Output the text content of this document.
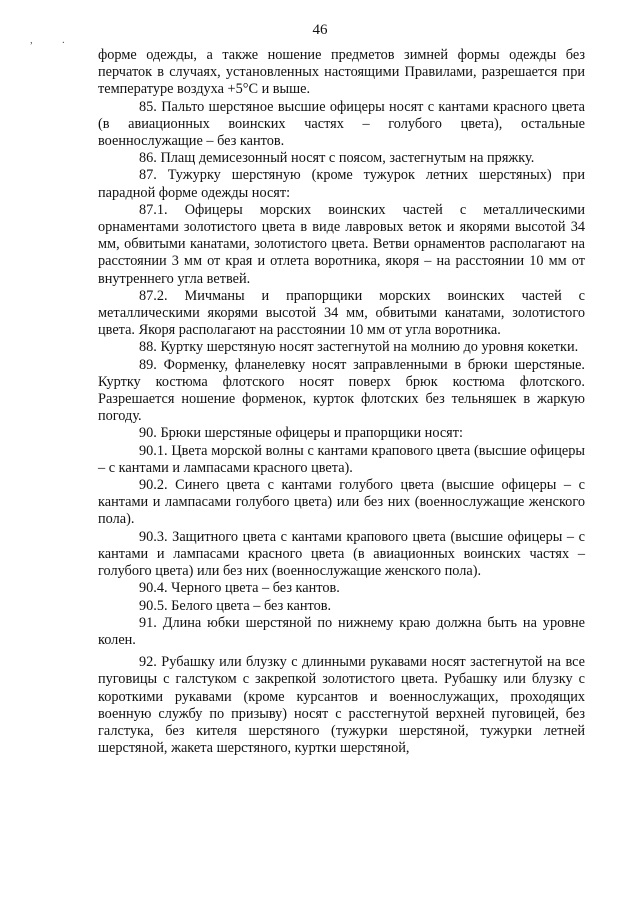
,	.
46

форме одежды, а также ношение предметов зимней формы одежды без перчаток в случаях, установленных настоящими Правилами, разрешается при температуре воздуха +5°C и выше.

85. Пальто шерстяное высшие офицеры носят с кантами красного цвета (в авиационных воинских частях – голубого цвета), остальные военнослужащие – без кантов.

86. Плащ демисезонный носят с поясом, застегнутым на пряжку.

87. Тужурку шерстяную (кроме тужурок летних шерстяных) при парадной форме одежды носят:

87.1. Офицеры морских воинских частей с металлическими орнаментами золотистого цвета в виде лавровых веток и якорями высотой 34 мм, обвитыми канатами, золотистого цвета. Ветви орнаментов располагают на расстоянии 3 мм от края и отлета воротника, якоря – на расстоянии 10 мм от внутреннего угла ветвей.

87.2. Мичманы и прапорщики морских воинских частей с металлическими якорями высотой 34 мм, обвитыми канатами, золотистого цвета. Якоря располагают на расстоянии 10 мм от угла воротника.

88. Куртку шерстяную носят застегнутой на молнию до уровня кокетки.

89. Форменку, фланелевку носят заправленными в брюки шерстяные. Куртку костюма флотского носят поверх брюк костюма флотского. Разрешается ношение форменок, курток флотских без тельняшек в жаркую погоду.

90. Брюки шерстяные офицеры и прапорщики носят:

90.1. Цвета морской волны с кантами крапового цвета (высшие офицеры – с кантами и лампасами красного цвета).

90.2. Синего цвета с кантами голубого цвета (высшие офицеры – с кантами и лампасами голубого цвета) или без них (военнослужащие женского пола).

90.3. Защитного цвета с кантами крапового цвета (высшие офицеры – с кантами и лампасами красного цвета (в авиационных воинских частях – голубого цвета) или без них (военнослужащие женского пола).

90.4. Черного цвета – без кантов.

90.5. Белого цвета – без кантов.

91. Длина юбки шерстяной по нижнему краю должна быть на уровне колен.

92. Рубашку или блузку с длинными рукавами носят застегнутой на все пуговицы с галстуком с закрепкой золотистого цвета. Рубашку или блузку с короткими рукавами (кроме курсантов и военнослужащих, проходящих военную службу по призыву) носят с расстегнутой верхней пуговицей, без галстука, без кителя шерстяного (тужурки шерстяной, тужурки летней шерстяной, жакета шерстяного, куртки шерстяной,
